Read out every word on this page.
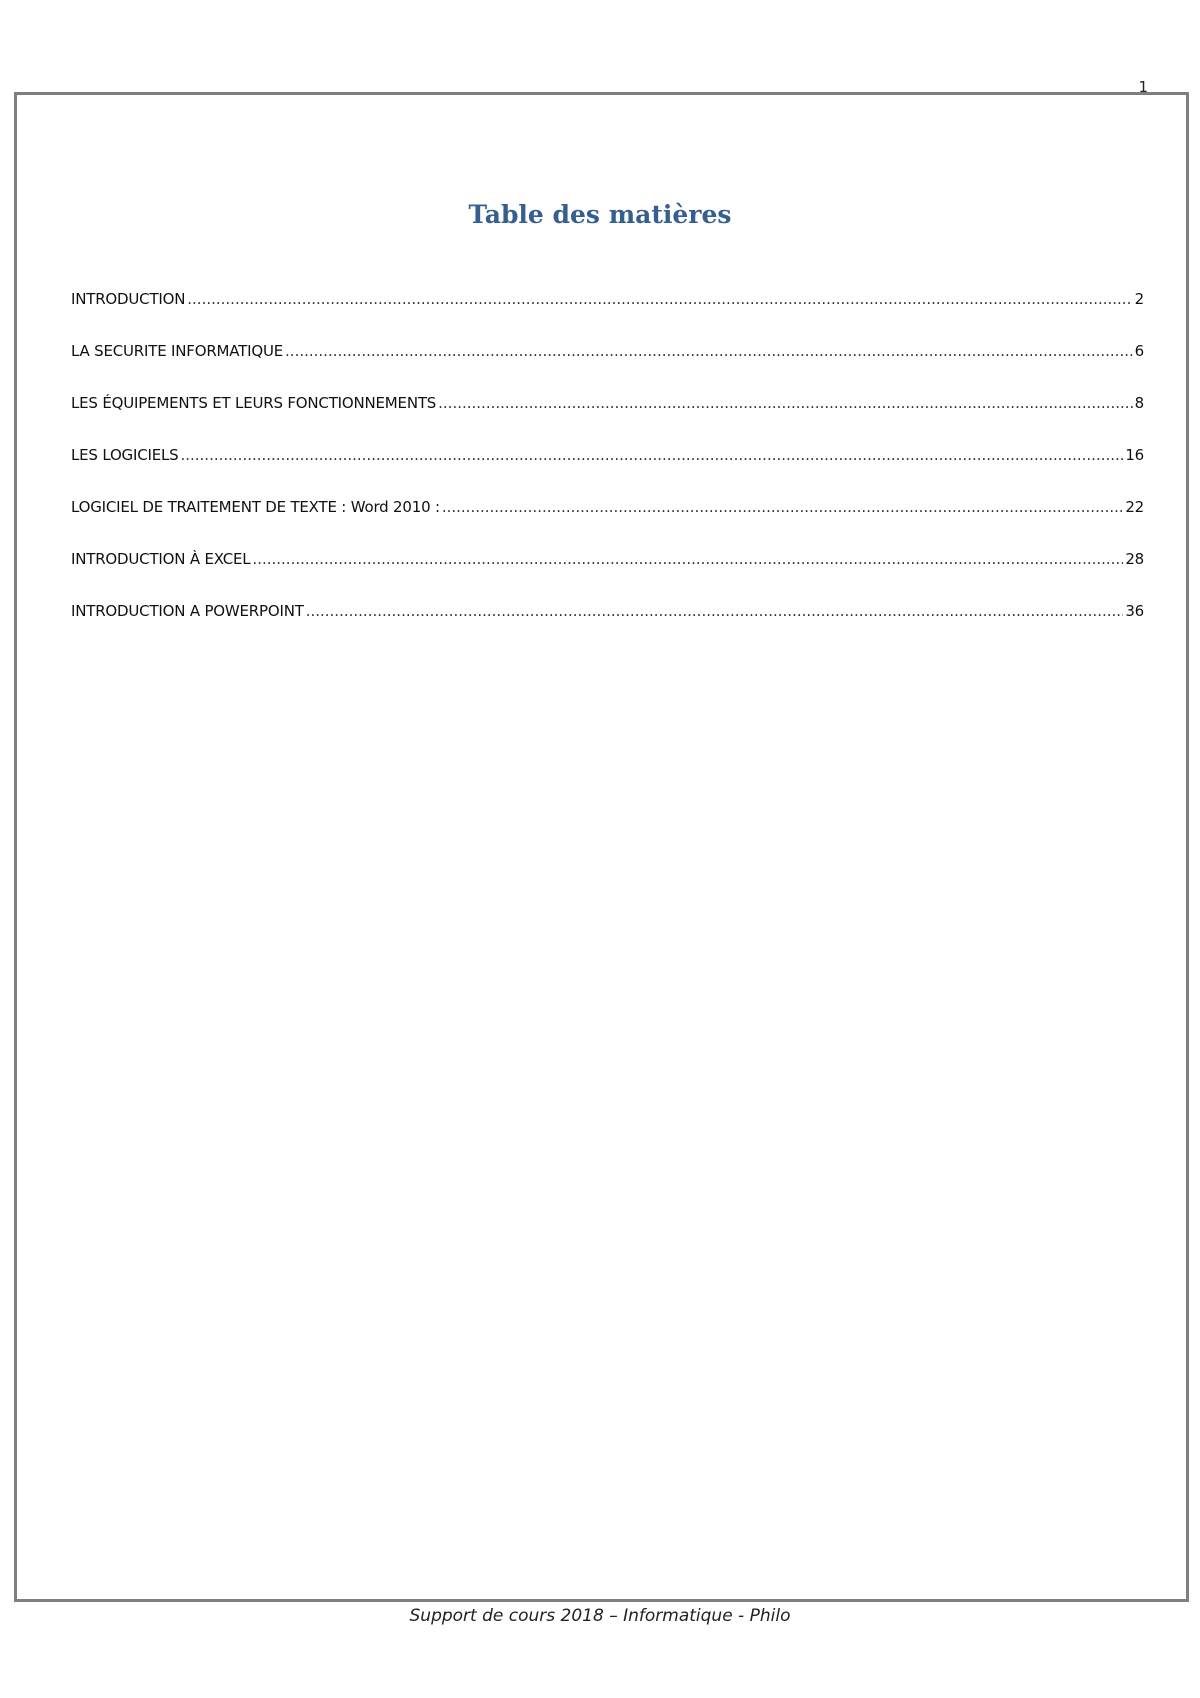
1
Table des matières
INTRODUCTION .....	2
LA SECURITE INFORMATIQUE .....	6
LES ÉQUIPEMENTS ET LEURS FONCTIONNEMENTS .....	8
LES LOGICIELS .....	16
LOGICIEL DE TRAITEMENT DE TEXTE : Word 2010 : .....	22
INTRODUCTION À EXCEL .....	28
INTRODUCTION A POWERPOINT .....	36
Support de cours 2018 – Informatique - Philo
